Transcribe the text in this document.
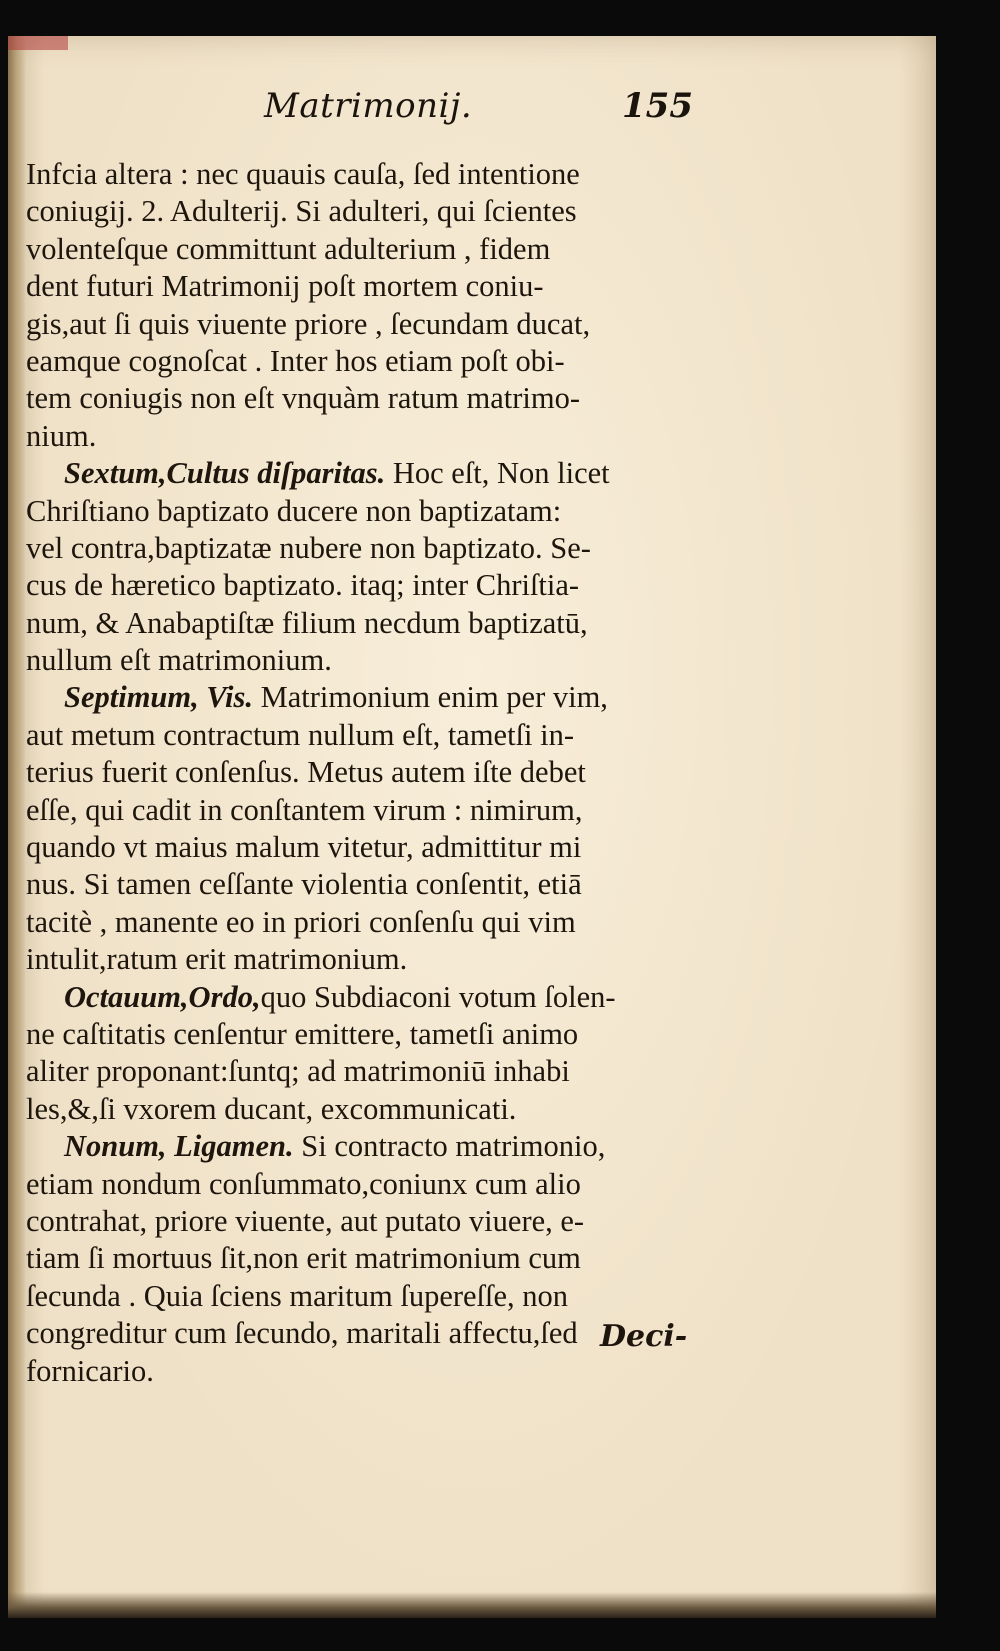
Matrimonij.	155
Infcia altera : nec quauis cauſa, ſed intentione
coniugij. 2. Adulterij. Si adulteri, qui ſcientes
volenteſque committunt adulterium , fidem
dent futuri Matrimonij poſt mortem coniu-
gis,aut ſi quis viuente priore , ſecundam ducat,
eamque cognoſcat . Inter hos etiam poſt obi-
tem coniugis non eſt vnquàm ratum matrimo-
nium.
Sextum,Cultus diſparitas. Hoc eſt, Non licet
Chriſtiano baptizato ducere non baptizatam:
vel contra,baptizatæ nubere non baptizato. Se-
cus de hæretico baptizato. itaq; inter Chriſtia-
num, & Anabaptiſtæ filium necdum baptizatū,
nullum eſt matrimonium.
Septimum, Vis. Matrimonium enim per vim,
aut metum contractum nullum eſt, tametſi in-
terius fuerit conſenſus. Metus autem iſte debet
eſſe, qui cadit in conſtantem virum : nimirum,
quando vt maius malum vitetur, admittitur mi
nus. Si tamen ceſſante violentia conſentit, etiā
tacitè , manente eo in priori conſenſu qui vim
intulit,ratum erit matrimonium.
Octauum,Ordo,quo Subdiaconi votum ſolen-
ne caſtitatis cenſentur emittere, tametſi animo
aliter proponant:ſuntq; ad matrimoniū inhabi
les,&,ſi vxorem ducant, excommunicati.
Nonum, Ligamen. Si contracto matrimonio,
etiam nondum conſummato,coniunx cum alio
contrahat, priore viuente, aut putato viuere, e-
tiam ſi mortuus ſit,non erit matrimonium cum
ſecunda . Quia ſciens maritum ſupereſſe, non
congreditur cum ſecundo, maritali affectu,ſed
fornicario.
Deci-
